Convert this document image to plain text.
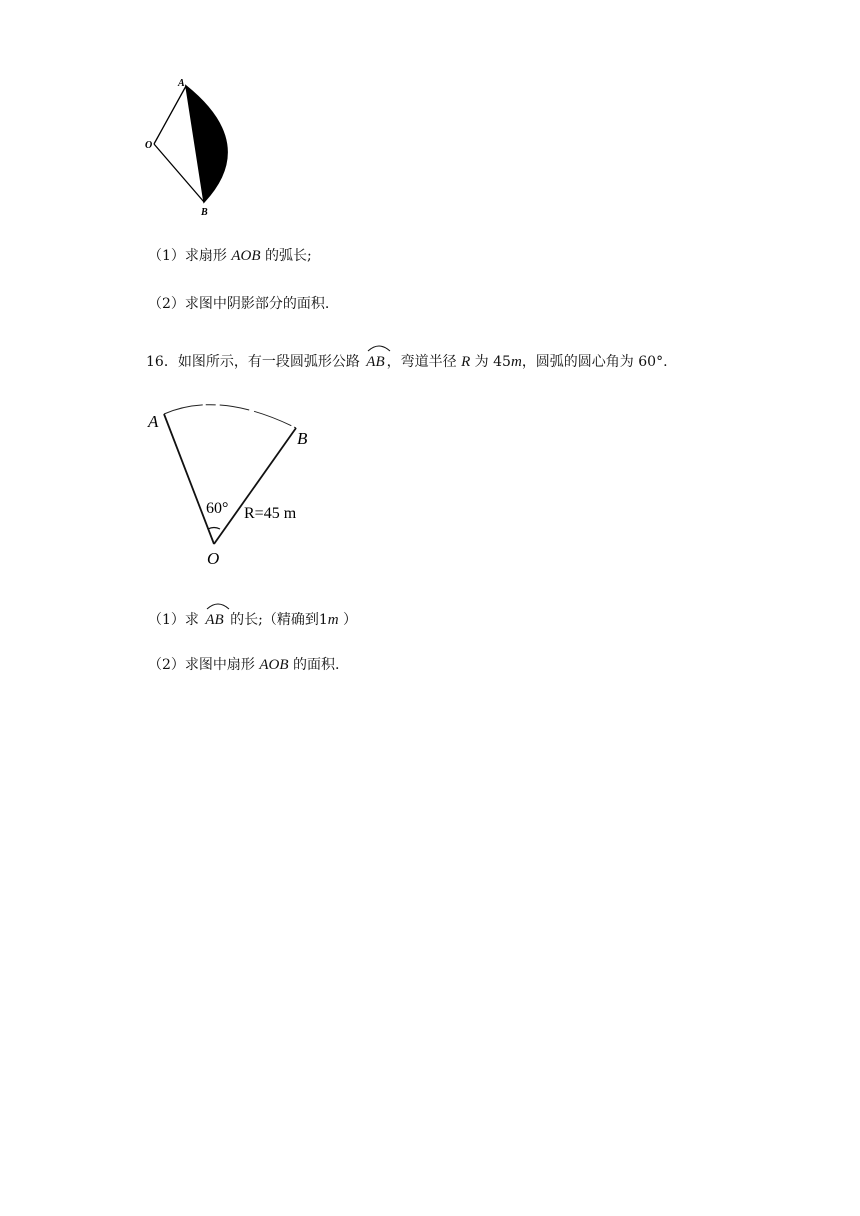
A
O
B
（1）求扇形 AOB 的弧长;
（2）求图中阴影部分的面积.
16．如图所示，有一段圆弧形公路
AB ，弯道半径 R 为 45m，圆弧的圆心角为 60°.
A
B
O
60° R=45 m
（1）求
AB 的长;（精确到1m ）
（2）求图中扇形 AOB 的面积.
